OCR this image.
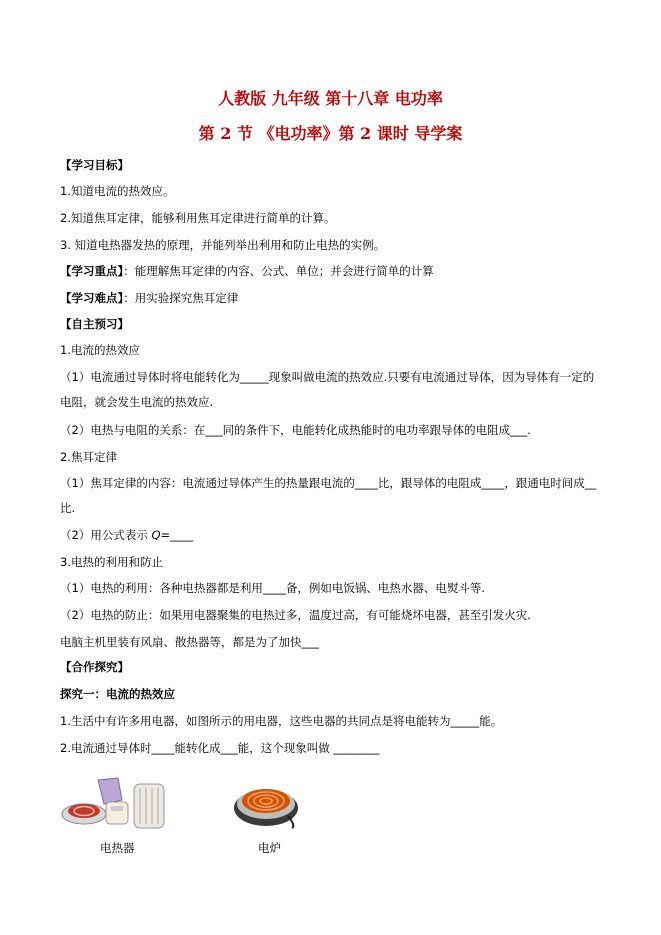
人教版 九年级 第十八章 电功率
第 2 节 《电功率》第 2 课时 导学案
【学习目标】
1.知道电流的热效应。
2.知道焦耳定律，能够利用焦耳定律进行简单的计算。
3. 知道电热器发热的原理，并能列举出利用和防止电热的实例。
【学习重点】：能理解焦耳定律的内容、公式、单位；并会进行简单的计算
【学习难点】：用实验探究焦耳定律
【自主预习】
1.电流的热效应
（1）电流通过导体时将电能转化为_____现象叫做电流的热效应.只要有电流通过导体，因为导体有一定的
电阻，就会发生电流的热效应.
（2）电热与电阻的关系：在___同的条件下，电能转化成热能时的电功率跟导体的电阻成___.
2.焦耳定律
（1）焦耳定律的内容：电流通过导体产生的热量跟电流的____比，跟导体的电阻成____，跟通电时间成__
比.
（2）用公式表示 Q=____
3.电热的利用和防止
（1）电热的利用：各种电热器都是利用____备，例如电饭锅、电热水器、电熨斗等.
（2）电热的防止：如果用电器聚集的电热过多，温度过高，有可能烧坏电器，甚至引发火灾.
电脑主机里装有风扇、散热器等，都是为了加快___
【合作探究】
探究一：电流的热效应
1.生活中有许多用电器，如图所示的用电器，这些电器的共同点是将电能转为_____能。
2.电流通过导体时____能转化成___能，这个现象叫做 ________
电热器	电炉
